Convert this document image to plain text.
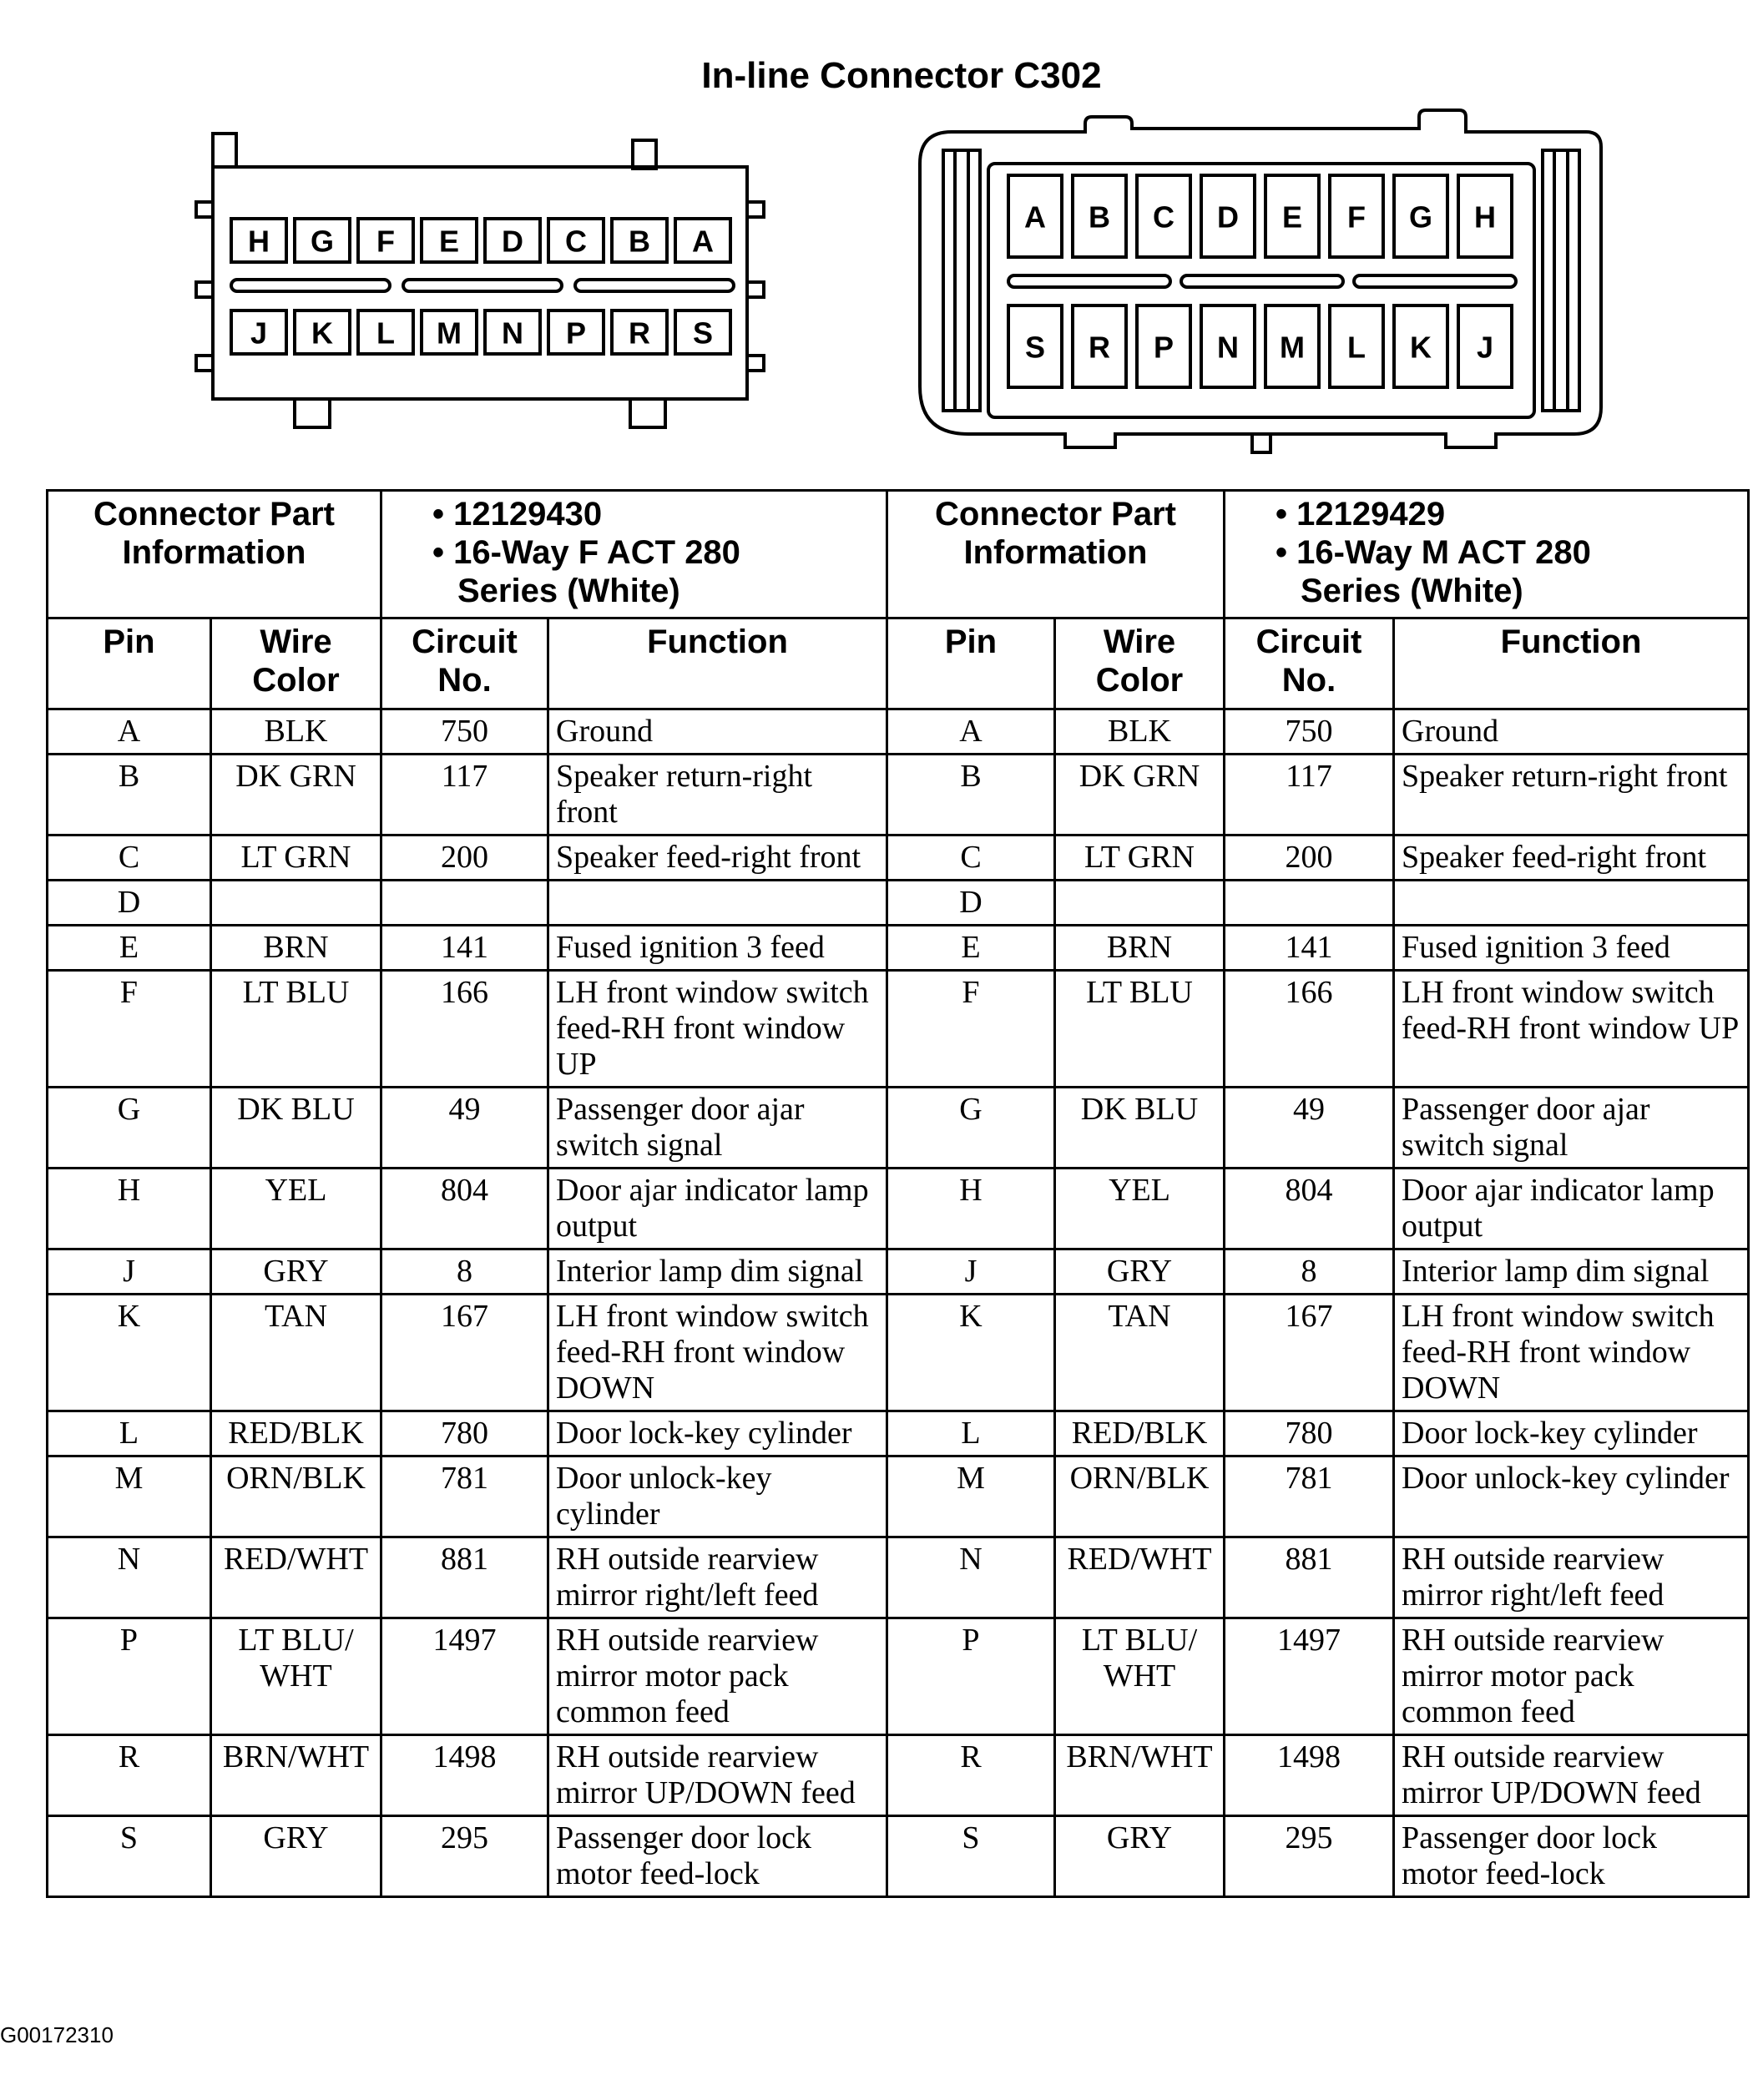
In-line Connector C302
H G F E D C B A
J K L M N P R S
A B C D E F G H
S R P N M L K J
Connector Part Information		• 12129430
• 16-Way F ACT 280
Series (White)		Connector Part Information		• 12129429
• 16-Way M ACT 280
Series (White)	

Pin	Wire Color	Circuit No.	Function	Pin	Wire Color	Circuit No.	Function
A	BLK	750	Ground	A	BLK	750	Ground
B	DK GRN	117	Speaker return-right front	B	DK GRN	117	Speaker return-right front
C	LT GRN	200	Speaker feed-right front	C	LT GRN	200	Speaker feed-right front
D				D			
E	BRN	141	Fused ignition 3 feed	E	BRN	141	Fused ignition 3 feed
F	LT BLU	166	LH front window switch feed-RH front window UP	F	LT BLU	166	LH front window switch feed-RH front window UP
G	DK BLU	49	Passenger door ajar switch signal	G	DK BLU	49	Passenger door ajar switch signal
H	YEL	804	Door ajar indicator lamp output	H	YEL	804	Door ajar indicator lamp output
J	GRY	8	Interior lamp dim signal	J	GRY	8	Interior lamp dim signal
K	TAN	167	LH front window switch feed-RH front window DOWN	K	TAN	167	LH front window switch feed-RH front window DOWN
L	RED/BLK	780	Door lock-key cylinder	L	RED/BLK	780	Door lock-key cylinder
M	ORN/BLK	781	Door unlock-key cylinder	M	ORN/BLK	781	Door unlock-key cylinder
N	RED/WHT	881	RH outside rearview mirror right/left feed	N	RED/WHT	881	RH outside rearview mirror right/left feed
P	LT BLU/ WHT	1497	RH outside rearview mirror motor pack common feed	P	LT BLU/ WHT	1497	RH outside rearview mirror motor pack common feed
R	BRN/WHT	1498	RH outside rearview mirror UP/DOWN feed	R	BRN/WHT	1498	RH outside rearview mirror UP/DOWN feed
S	GRY	295	Passenger door lock motor feed-lock	S	GRY	295	Passenger door lock motor feed-lock
G00172310
